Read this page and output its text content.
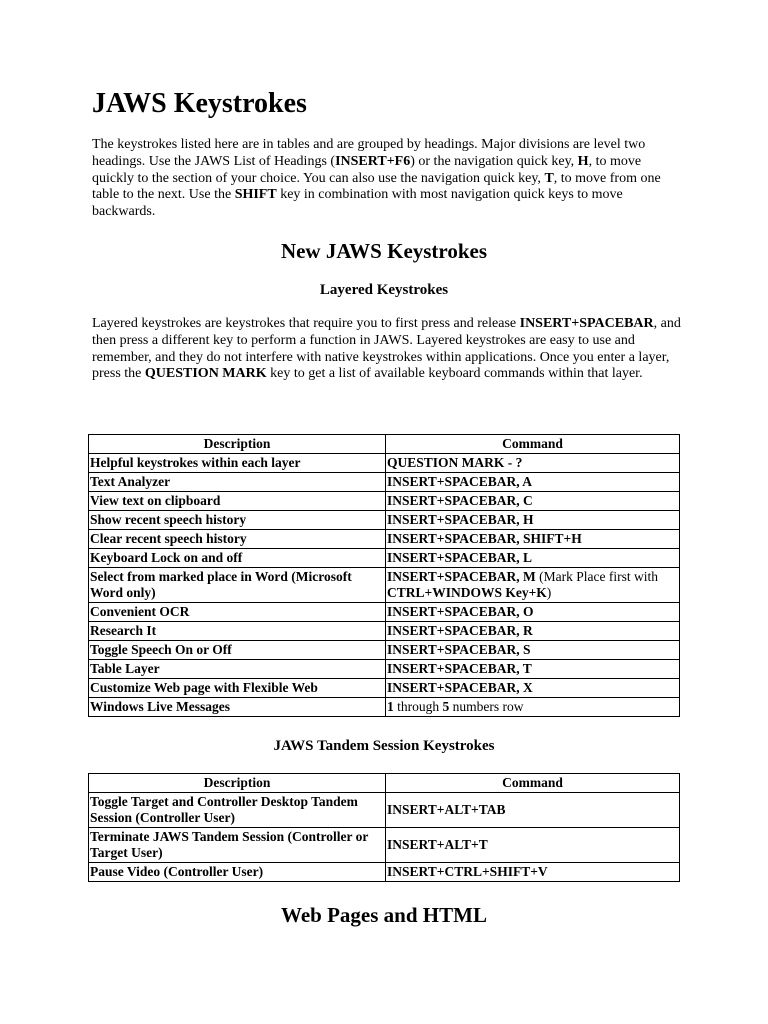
JAWS Keystrokes

The keystrokes listed here are in tables and are grouped by headings. Major divisions are level two headings. Use the JAWS List of Headings (INSERT+F6) or the navigation quick key, H, to move quickly to the section of your choice. You can also use the navigation quick key, T, to move from one table to the next. Use the SHIFT key in combination with most navigation quick keys to move backwards.

New JAWS Keystrokes
Layered Keystrokes

Layered keystrokes are keystrokes that require you to first press and release INSERT+SPACEBAR, and then press a different key to perform a function in JAWS. Layered keystrokes are easy to use and remember, and they do not interfere with native keystrokes within applications. Once you enter a layer, press the QUESTION MARK key to get a list of available keyboard commands within that layer.

Description	Command
Helpful keystrokes within each layer	QUESTION MARK - ?
Text Analyzer	INSERT+SPACEBAR, A
View text on clipboard	INSERT+SPACEBAR, C
Show recent speech history	INSERT+SPACEBAR, H
Clear recent speech history	INSERT+SPACEBAR, SHIFT+H
Keyboard Lock on and off	INSERT+SPACEBAR, L
Select from marked place in Word (Microsoft Word only)	INSERT+SPACEBAR, M (Mark Place first with CTRL+WINDOWS Key+K)
Convenient OCR	INSERT+SPACEBAR, O
Research It	INSERT+SPACEBAR, R
Toggle Speech On or Off	INSERT+SPACEBAR, S
Table Layer	INSERT+SPACEBAR, T
Customize Web page with Flexible Web	INSERT+SPACEBAR, X
Windows Live Messages	1 through 5 numbers row
JAWS Tandem Session Keystrokes
Description	Command
Toggle Target and Controller Desktop Tandem Session (Controller User)	INSERT+ALT+TAB
Terminate JAWS Tandem Session (Controller or Target User)	INSERT+ALT+T
Pause Video (Controller User)	INSERT+CTRL+SHIFT+V
Web Pages and HTML
